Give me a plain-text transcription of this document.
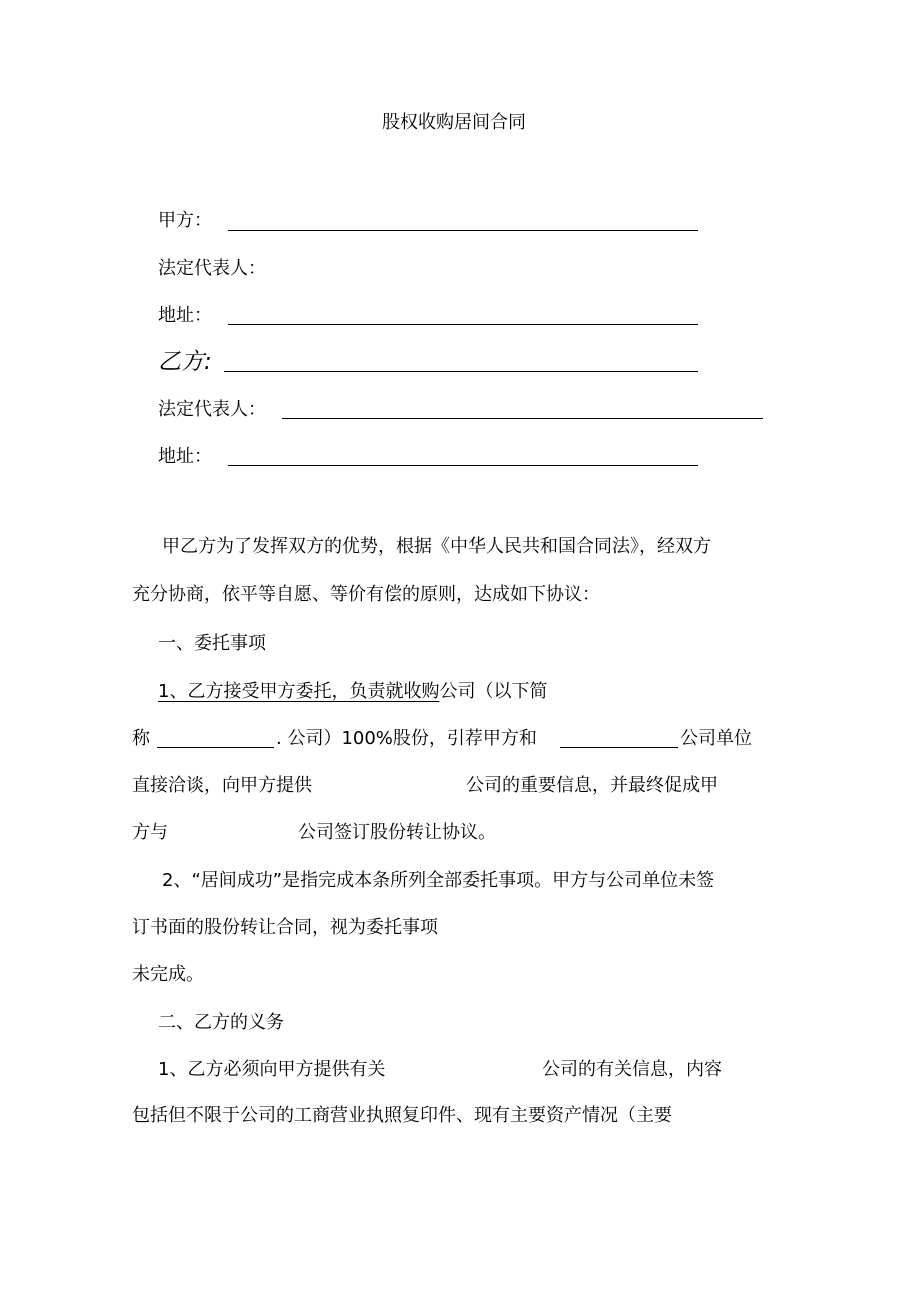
股权收购居间合同
甲方：
法定代表人：
地址：
乙方:
法定代表人：
地址：
甲乙方为了发挥双方的优势，根据《中华人民共和国合同法》，经双方
充分协商，依平等自愿、等价有偿的原则，达成如下协议：
一、委托事项
1、乙方接受甲方委托，负责就收购公司（以下简
称	. 公司）100%股份，引荐甲方和	公司单位
直接洽谈，向甲方提供	公司的重要信息，并最终促成甲
方与	公司签订股份转让协议。
2、“居间成功”是指完成本条所列全部委托事项。甲方与公司单位未签
订书面的股份转让合同，视为委托事项
未完成。
二、乙方的义务
1、乙方必须向甲方提供有关	公司的有关信息，内容
包括但不限于公司的工商营业执照复印件、现有主要资产情况（主要
